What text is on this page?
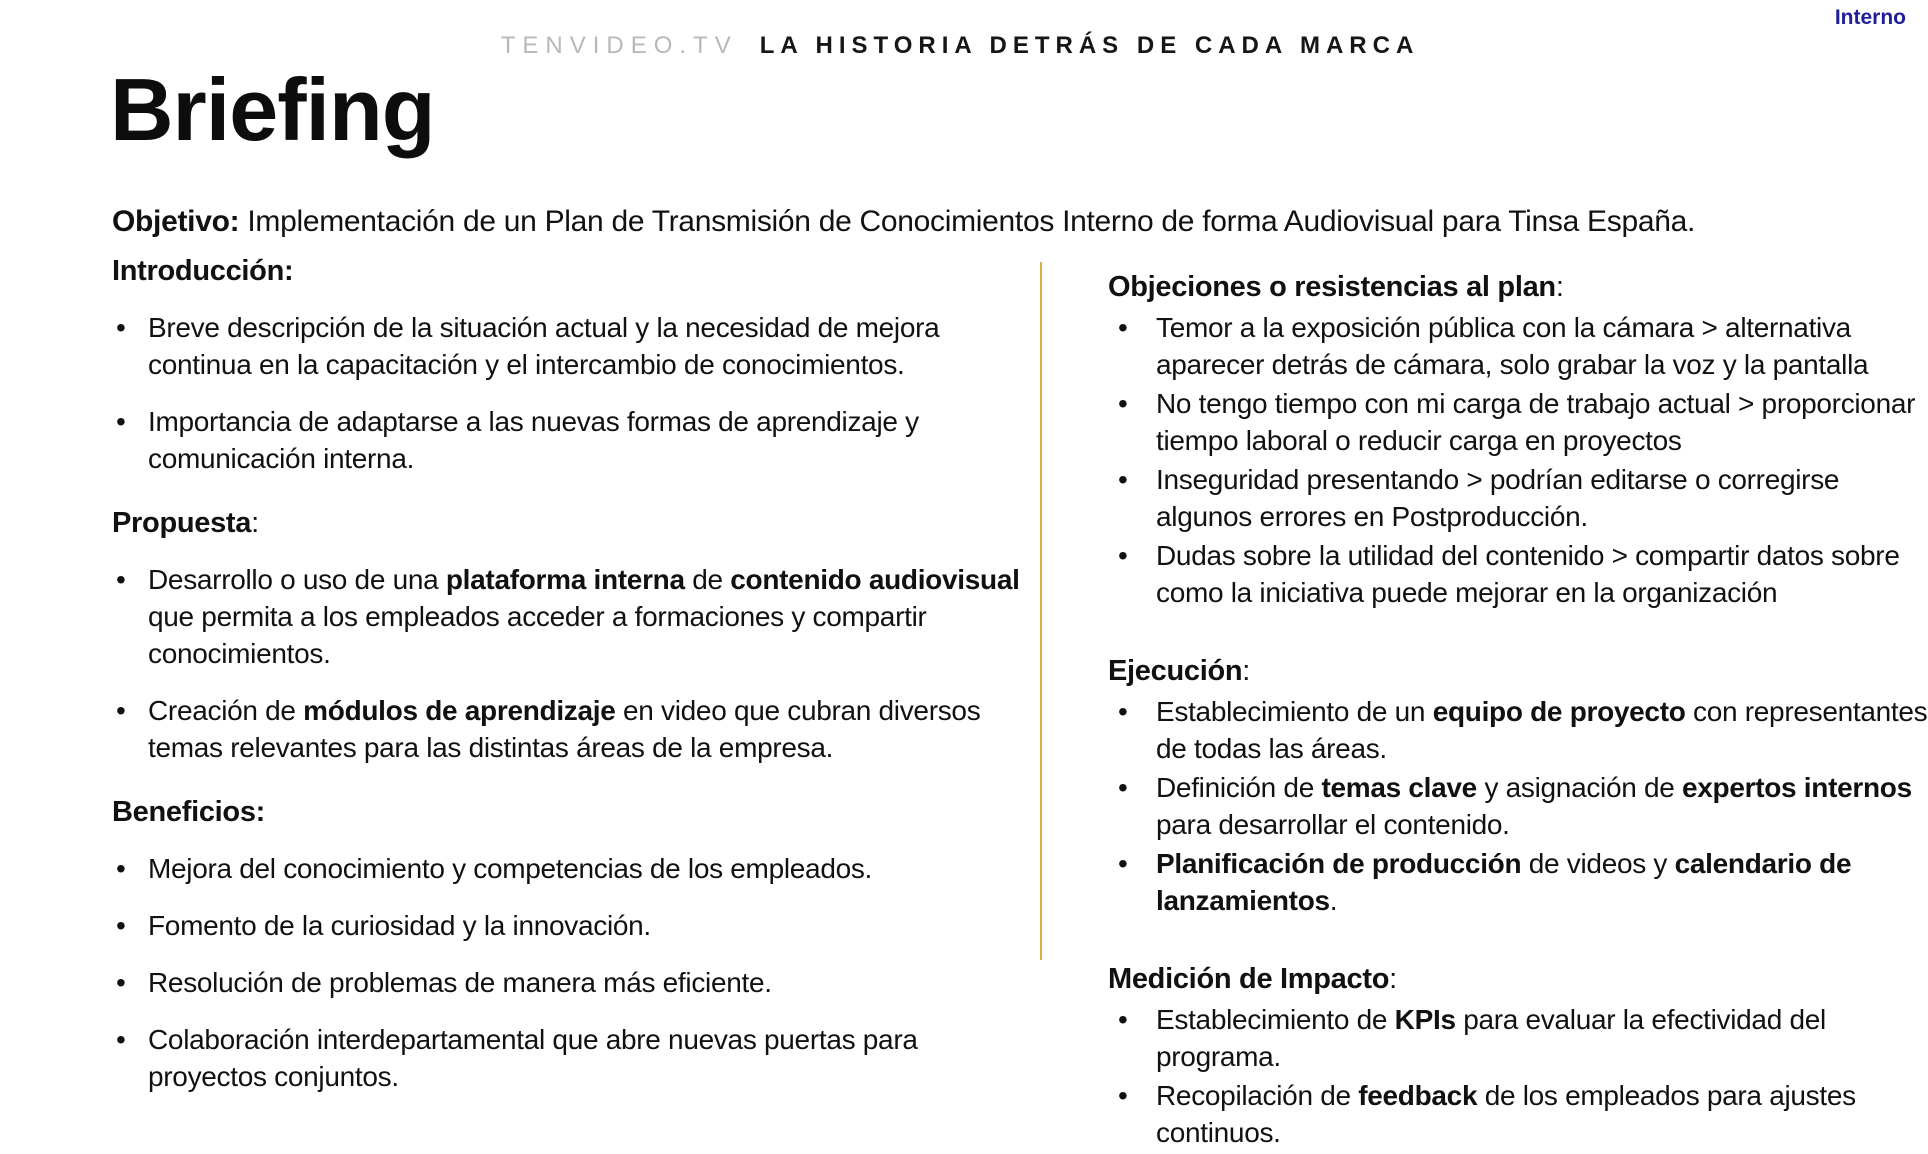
Interno
TENVIDEO.TV LA HISTORIA DETRÁS DE CADA MARCA
Briefing

Objetivo: Implementación de un Plan de Transmisión de Conocimientos Interno de forma Audiovisual para Tinsa España.

Introducción:
• Breve descripción de la situación actual y la necesidad de mejora continua en la capacitación y el intercambio de conocimientos.
• Importancia de adaptarse a las nuevas formas de aprendizaje y comunicación interna.
Propuesta:
• Desarrollo o uso de una plataforma interna de contenido audiovisual que permita a los empleados acceder a formaciones y compartir conocimientos.
• Creación de módulos de aprendizaje en video que cubran diversos temas relevantes para las distintas áreas de la empresa.
Beneficios:
• Mejora del conocimiento y competencias de los empleados.
• Fomento de la curiosidad y la innovación.
• Resolución de problemas de manera más eficiente.
• Colaboración interdepartamental que abre nuevas puertas para proyectos conjuntos.
Objeciones o resistencias al plan:
• Temor a la exposición pública con la cámara > alternativa aparecer detrás de cámara, solo grabar la voz y la pantalla
• No tengo tiempo con mi carga de trabajo actual > proporcionar tiempo laboral o reducir carga en proyectos
• Inseguridad presentando > podrían editarse o corregirse algunos errores en Postproducción.
• Dudas sobre la utilidad del contenido > compartir datos sobre como la iniciativa puede mejorar en la organización
Ejecución:
• Establecimiento de un equipo de proyecto con representantes de todas las áreas.
• Definición de temas clave y asignación de expertos internos para desarrollar el contenido.
• Planificación de producción de videos y calendario de lanzamientos.
Medición de Impacto:
• Establecimiento de KPIs para evaluar la efectividad del programa.
• Recopilación de feedback de los empleados para ajustes continuos.
